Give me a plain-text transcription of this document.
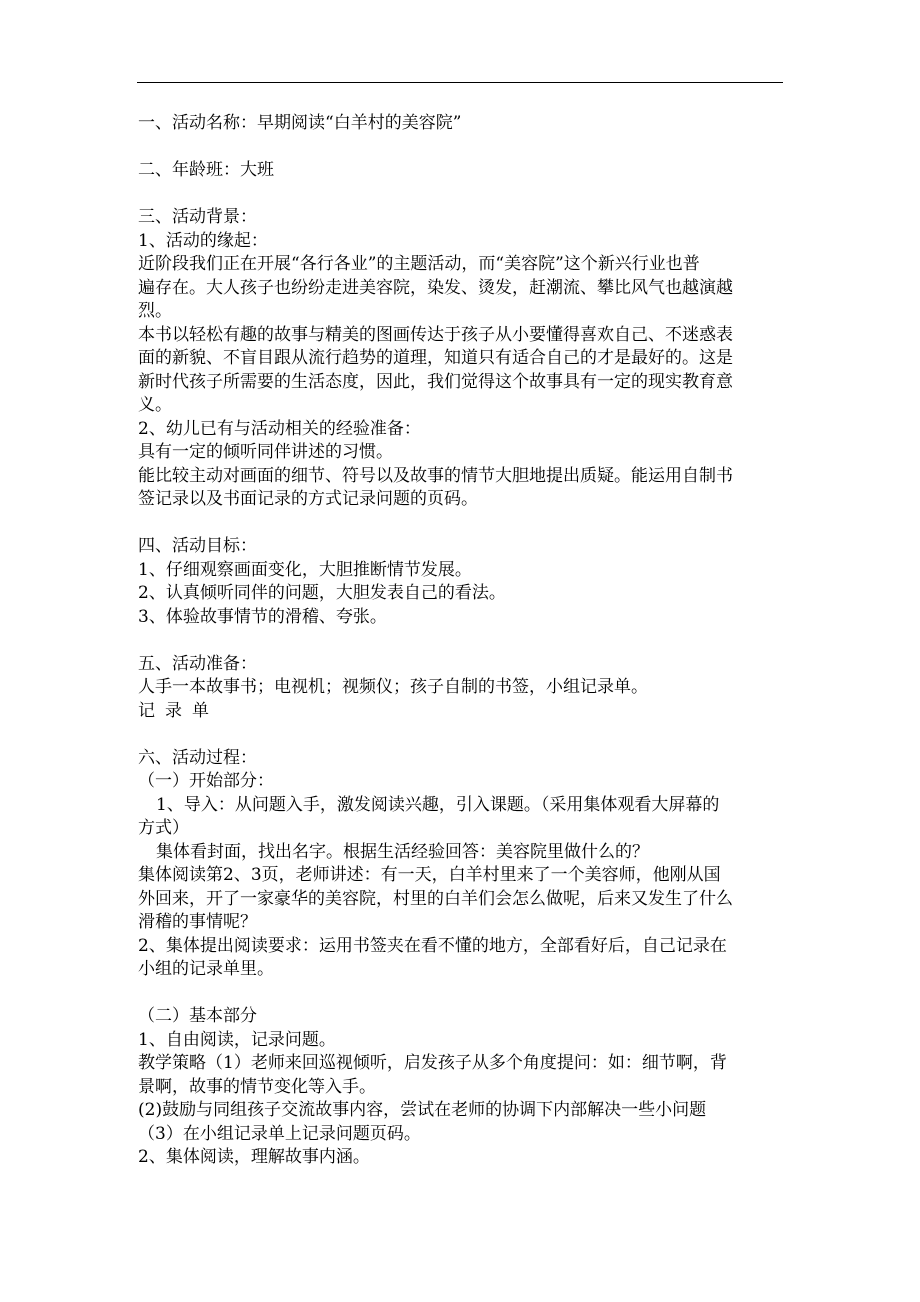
一、活动名称：早期阅读“白羊村的美容院”
二、年龄班：大班
三、活动背景：
1、活动的缘起：
近阶段我们正在开展“各行各业”的主题活动，而“美容院”这个新兴行业也普
遍存在。大人孩子也纷纷走进美容院，染发、烫发，赶潮流、攀比风气也越演越
烈。
本书以轻松有趣的故事与精美的图画传达于孩子从小要懂得喜欢自己、不迷惑表
面的新貌、不盲目跟从流行趋势的道理，知道只有适合自己的才是最好的。这是
新时代孩子所需要的生活态度，因此，我们觉得这个故事具有一定的现实教育意
义。
2、幼儿已有与活动相关的经验准备：
具有一定的倾听同伴讲述的习惯。
能比较主动对画面的细节、符号以及故事的情节大胆地提出质疑。能运用自制书
签记录以及书面记录的方式记录问题的页码。
四、活动目标：
1、仔细观察画面变化，大胆推断情节发展。
2、认真倾听同伴的问题，大胆发表自己的看法。
3、体验故事情节的滑稽、夸张。
五、活动准备：
人手一本故事书；电视机；视频仪；孩子自制的书签，小组记录单。
记录单
六、活动过程：
（一）开始部分：
1、导入：从问题入手，激发阅读兴趣，引入课题。（采用集体观看大屏幕的
方式）
集体看封面，找出名字。根据生活经验回答：美容院里做什么的？
集体阅读第2、3页，老师讲述：有一天，白羊村里来了一个美容师，他刚从国
外回来，开了一家豪华的美容院，村里的白羊们会怎么做呢，后来又发生了什么
滑稽的事情呢？
2、集体提出阅读要求：运用书签夹在看不懂的地方，全部看好后，自己记录在
小组的记录单里。
（二）基本部分
1、自由阅读，记录问题。
教学策略（1）老师来回巡视倾听，启发孩子从多个角度提问：如：细节啊，背
景啊，故事的情节变化等入手。
(2)鼓励与同组孩子交流故事内容，尝试在老师的协调下内部解决一些小问题
（3）在小组记录单上记录问题页码。
2、集体阅读，理解故事内涵。
